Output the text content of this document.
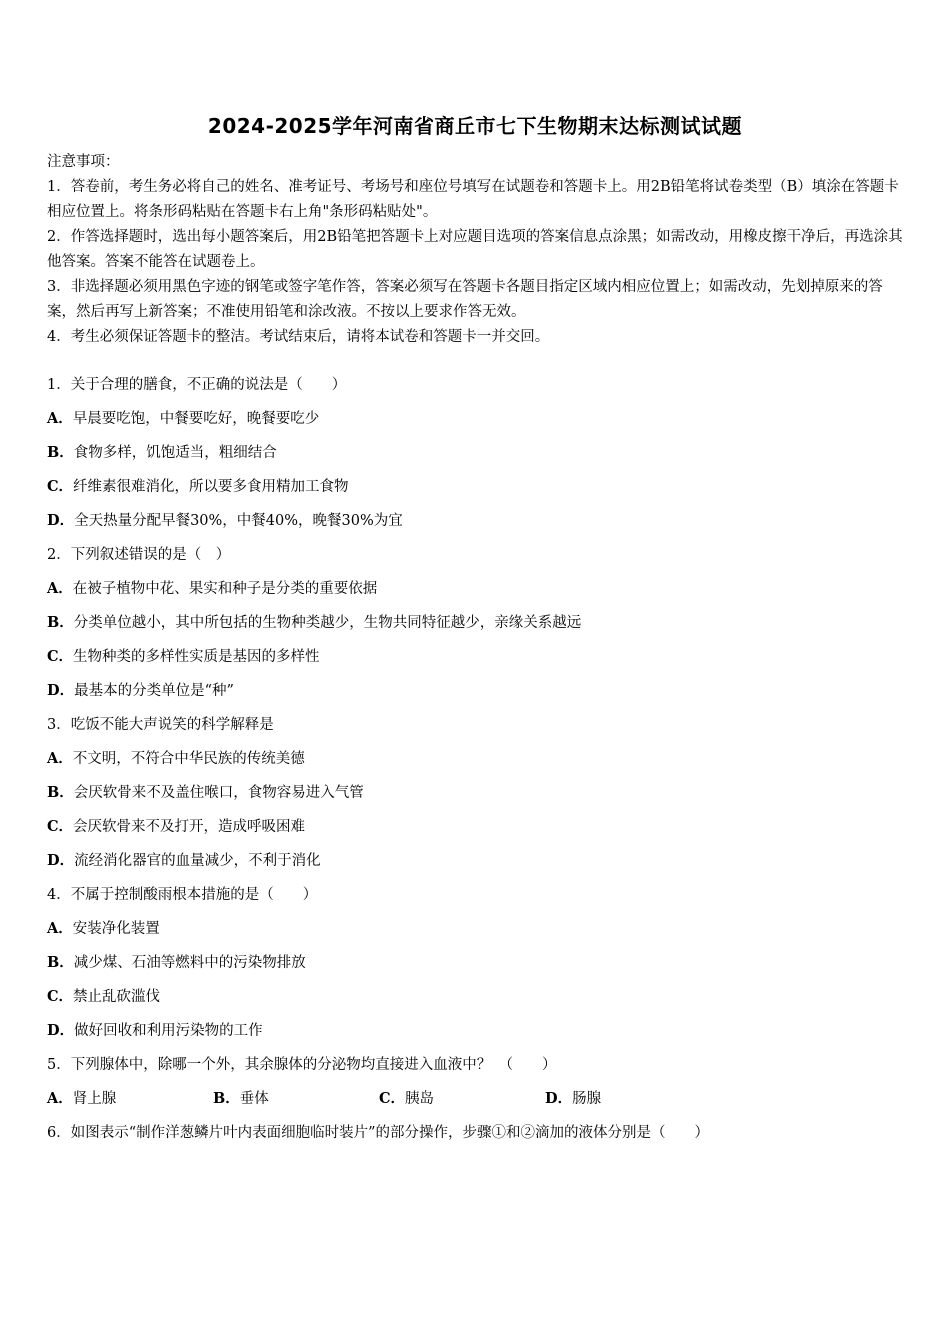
2024-2025学年河南省商丘市七下生物期末达标测试试题

注意事项：

1．答卷前，考生务必将自己的姓名、准考证号、考场号和座位号填写在试题卷和答题卡上。用2B铅笔将试卷类型（B）填涂在答题卡相应位置上。将条形码粘贴在答题卡右上角"条形码粘贴处"。

2．作答选择题时，选出每小题答案后，用2B铅笔把答题卡上对应题目选项的答案信息点涂黑；如需改动，用橡皮擦干净后，再选涂其他答案。答案不能答在试题卷上。

3．非选择题必须用黑色字迹的钢笔或签字笔作答，答案必须写在答题卡各题目指定区域内相应位置上；如需改动，先划掉原来的答案，然后再写上新答案；不准使用铅笔和涂改液。不按以上要求作答无效。

4．考生必须保证答题卡的整洁。考试结束后，请将本试卷和答题卡一并交回。

1．关于合理的膳食，不正确的说法是（　　）
A．早晨要吃饱，中餐要吃好，晚餐要吃少
B．食物多样，饥饱适当，粗细结合
C．纤维素很难消化，所以要多食用精加工食物
D．全天热量分配早餐30%，中餐40%，晚餐30%为宜
2．下列叙述错误的是（　）
A．在被子植物中花、果实和种子是分类的重要依据
B．分类单位越小，其中所包括的生物种类越少，生物共同特征越少，亲缘关系越远
C．生物种类的多样性实质是基因的多样性
D．最基本的分类单位是“种”
3．吃饭不能大声说笑的科学解释是
A．不文明，不符合中华民族的传统美德
B．会厌软骨来不及盖住喉口，食物容易进入气管
C．会厌软骨来不及打开，造成呼吸困难
D．流经消化器官的血量减少，不利于消化
4．不属于控制酸雨根本措施的是（　　）
A．安装净化装置
B．减少煤、石油等燃料中的污染物排放
C．禁止乱砍滥伐
D．做好回收和利用污染物的工作
5．下列腺体中，除哪一个外，其余腺体的分泌物均直接进入血液中？　（　　）
A．肾上腺	B．垂体	C．胰岛	D．肠腺
6．如图表示“制作洋葱鳞片叶内表面细胞临时装片”的部分操作，步骤①和②滴加的液体分别是（　　）
